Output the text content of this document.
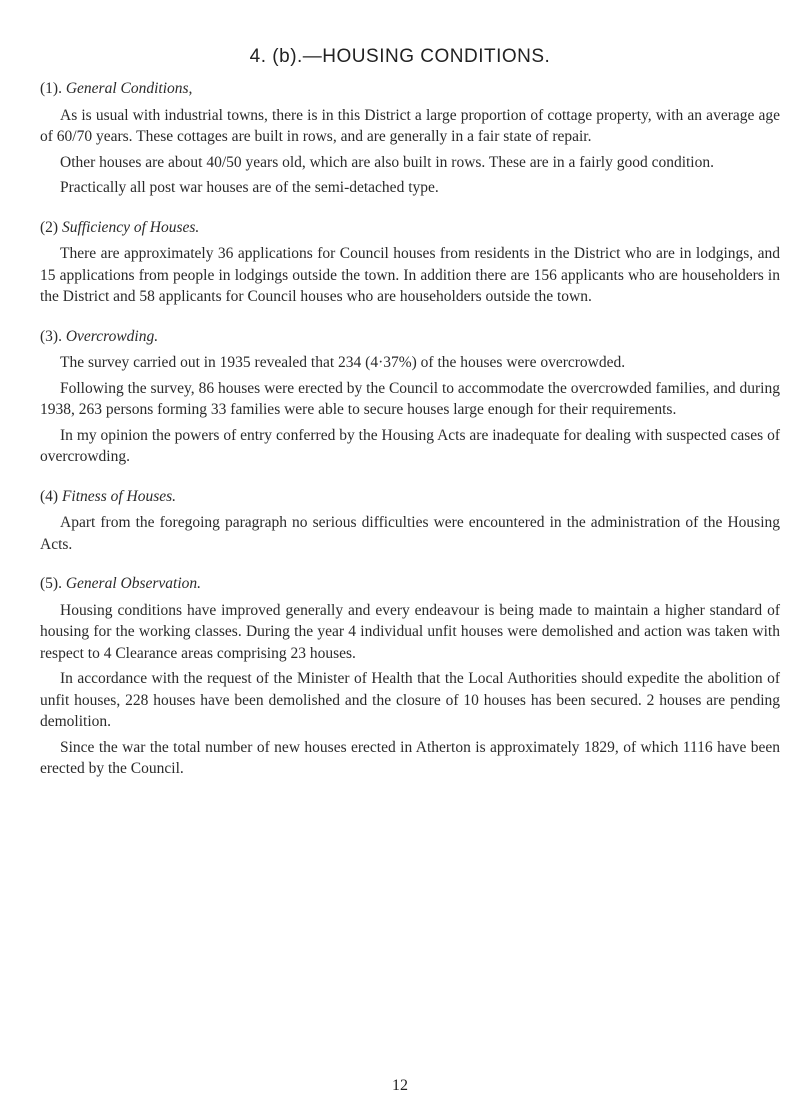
4. (b).—HOUSING CONDITIONS.

(1). General Conditions,

As is usual with industrial towns, there is in this District a large proportion of cottage property, with an average age of 60/70 years. These cottages are built in rows, and are generally in a fair state of repair.

Other houses are about 40/50 years old, which are also built in rows. These are in a fairly good condition.

Practically all post war houses are of the semi-detached type.

(2) Sufficiency of Houses.

There are approximately 36 applications for Council houses from residents in the District who are in lodgings, and 15 applications from people in lodgings outside the town. In addition there are 156 applicants who are householders in the District and 58 applicants for Council houses who are householders outside the town.

(3). Overcrowding.

The survey carried out in 1935 revealed that 234 (4·37%) of the houses were overcrowded.

Following the survey, 86 houses were erected by the Council to accommodate the overcrowded families, and during 1938, 263 persons forming 33 families were able to secure houses large enough for their requirements.

In my opinion the powers of entry conferred by the Housing Acts are inadequate for dealing with suspected cases of overcrowding.

(4) Fitness of Houses.

Apart from the foregoing paragraph no serious difficulties were encountered in the administration of the Housing Acts.

(5). General Observation.

Housing conditions have improved generally and every endeavour is being made to maintain a higher standard of housing for the working classes. During the year 4 individual unfit houses were demolished and action was taken with respect to 4 Clearance areas comprising 23 houses.

In accordance with the request of the Minister of Health that the Local Authorities should expedite the abolition of unfit houses, 228 houses have been demolished and the closure of 10 houses has been secured. 2 houses are pending demolition.

Since the war the total number of new houses erected in Atherton is approximately 1829, of which 1116 have been erected by the Council.

12
